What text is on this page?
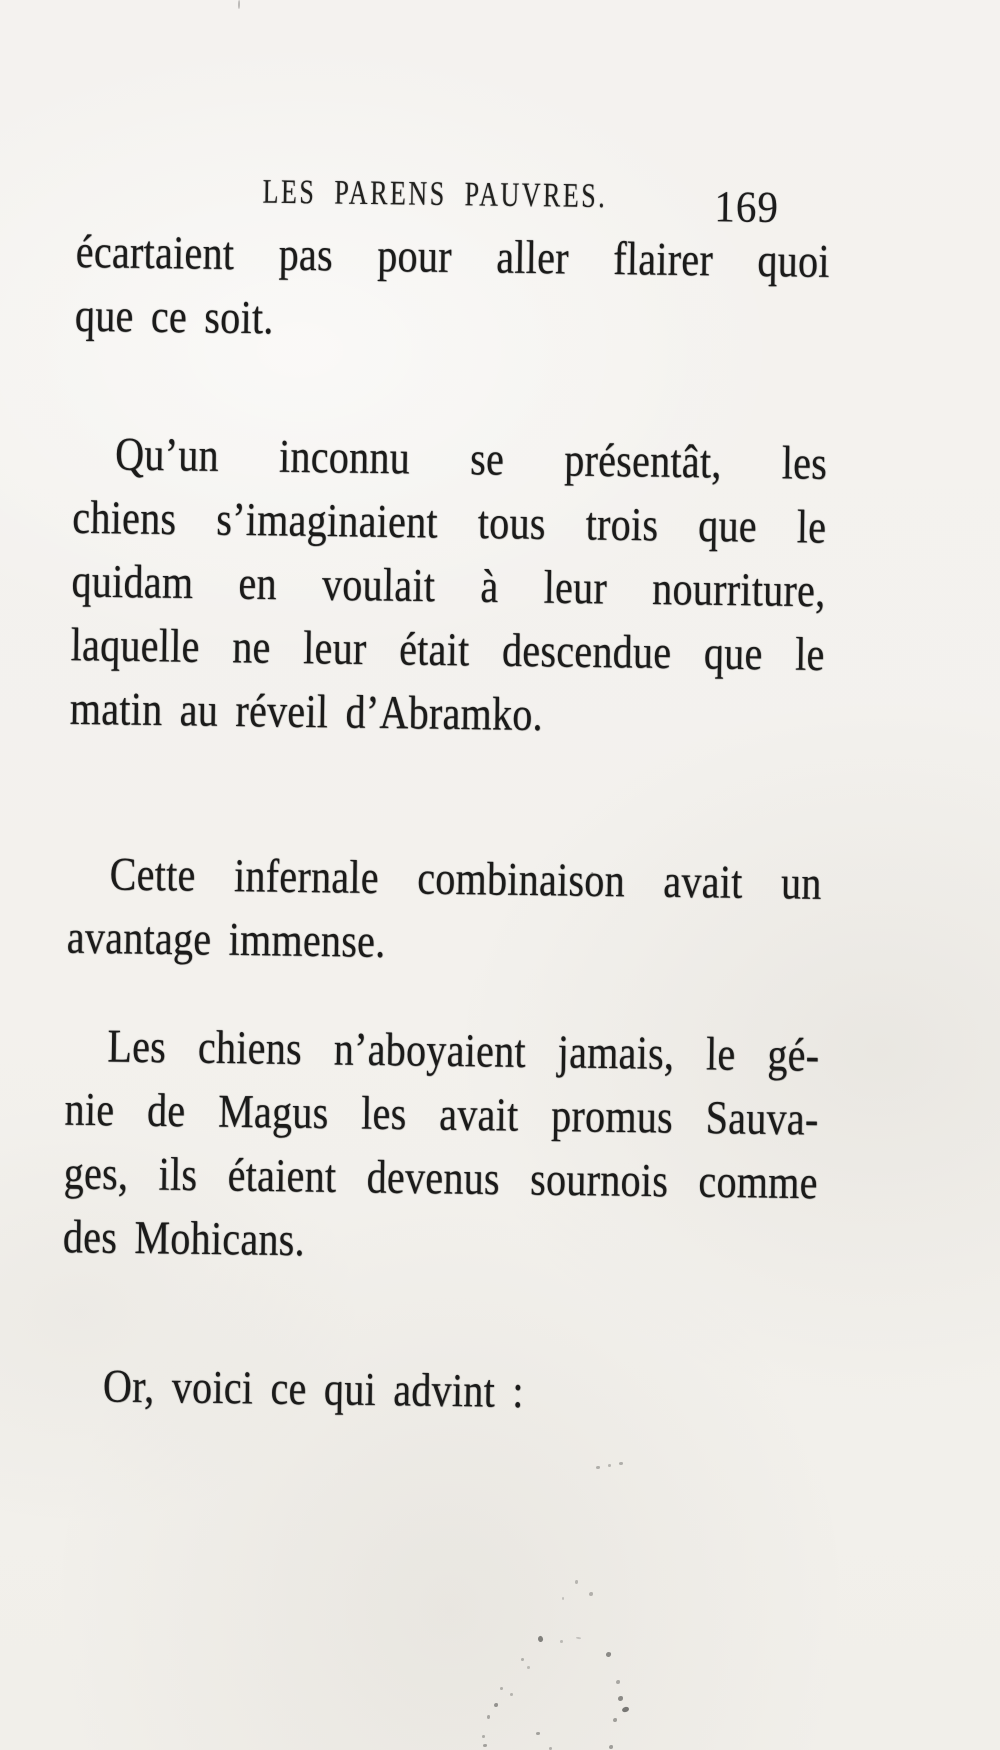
LES PARENS PAUVRES.	169
écartaient pas pour aller flairer quoi
que ce soit.
Qu’un inconnu se présentât, les
chiens s’imaginaient tous trois que le
quidam en voulait à leur nourriture,
laquelle ne leur était descendue que le
matin au réveil d’Abramko.
Cette infernale combinaison avait un
avantage immense.
Les chiens n’aboyaient jamais, le gé-
nie de Magus les avait promus Sauva-
ges, ils étaient devenus sournois comme
des Mohicans.
Or, voici ce qui advint :
